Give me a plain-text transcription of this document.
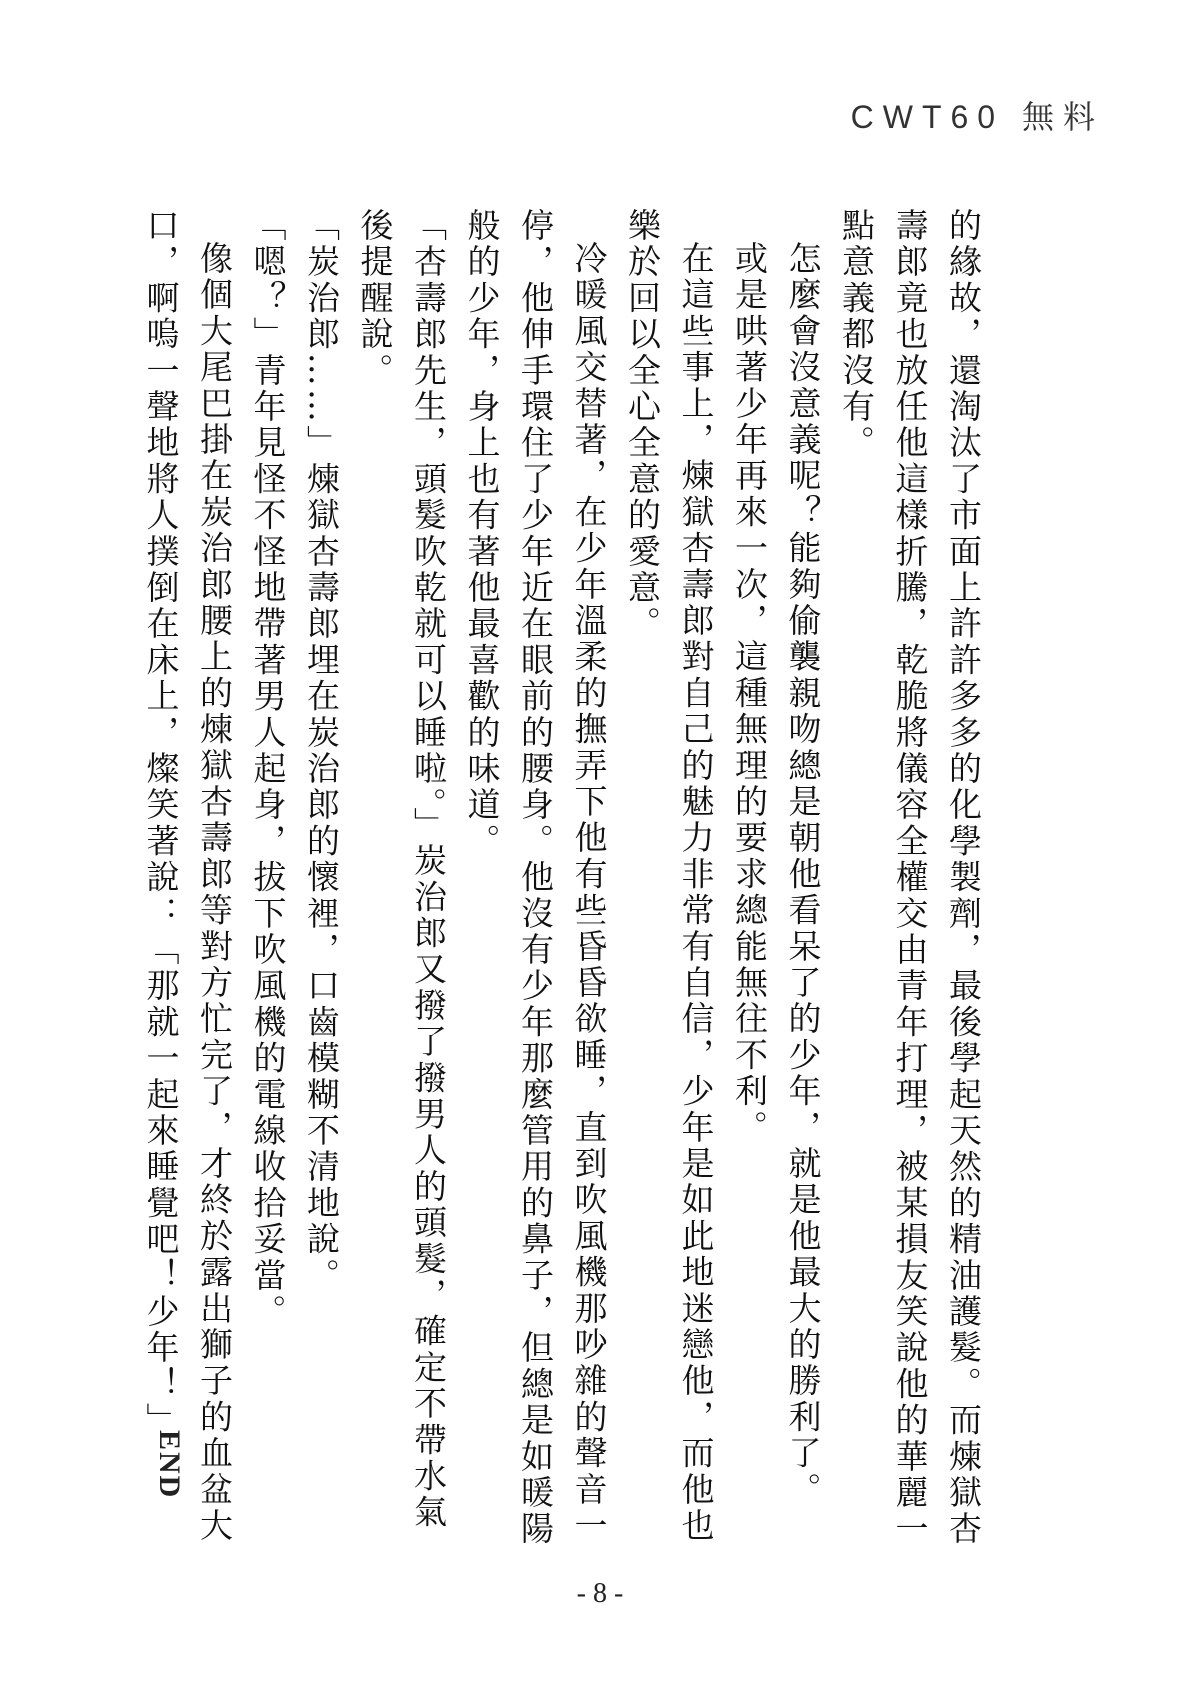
CWT60 無料

的緣故，還淘汰了市面上許許多多的化學製劑，最後學起天然的精油護髮。而煉獄杏壽郎竟也放任他這樣折騰，乾脆將儀容全權交由青年打理，被某損友笑說他的華麗一點意義都沒有。

怎麼會沒意義呢？能夠偷襲親吻總是朝他看呆了的少年，就是他最大的勝利了。

或是哄著少年再來一次，這種無理的要求總能無往不利。

在這些事上，煉獄杏壽郎對自己的魅力非常有自信，少年是如此地迷戀他，而他也樂於回以全心全意的愛意。

冷暖風交替著，在少年溫柔的撫弄下他有些昏昏欲睡，直到吹風機那吵雜的聲音一停，他伸手環住了少年近在眼前的腰身。他沒有少年那麼管用的鼻子，但總是如暖陽般的少年，身上也有著他最喜歡的味道。

「杏壽郎先生，頭髮吹乾就可以睡啦。」炭治郎又撥了撥男人的頭髮，確定不帶水氣後提醒說。

「炭治郎……」煉獄杏壽郎埋在炭治郎的懷裡，口齒模糊不清地說。

「嗯？」青年見怪不怪地帶著男人起身，拔下吹風機的電線收拾妥當。

像個大尾巴掛在炭治郎腰上的煉獄杏壽郎等對方忙完了，才終於露出獅子的血盆大口，啊嗚一聲地將人撲倒在床上，燦笑著說：「那就一起來睡覺吧！少年！」

END
- 8 -
